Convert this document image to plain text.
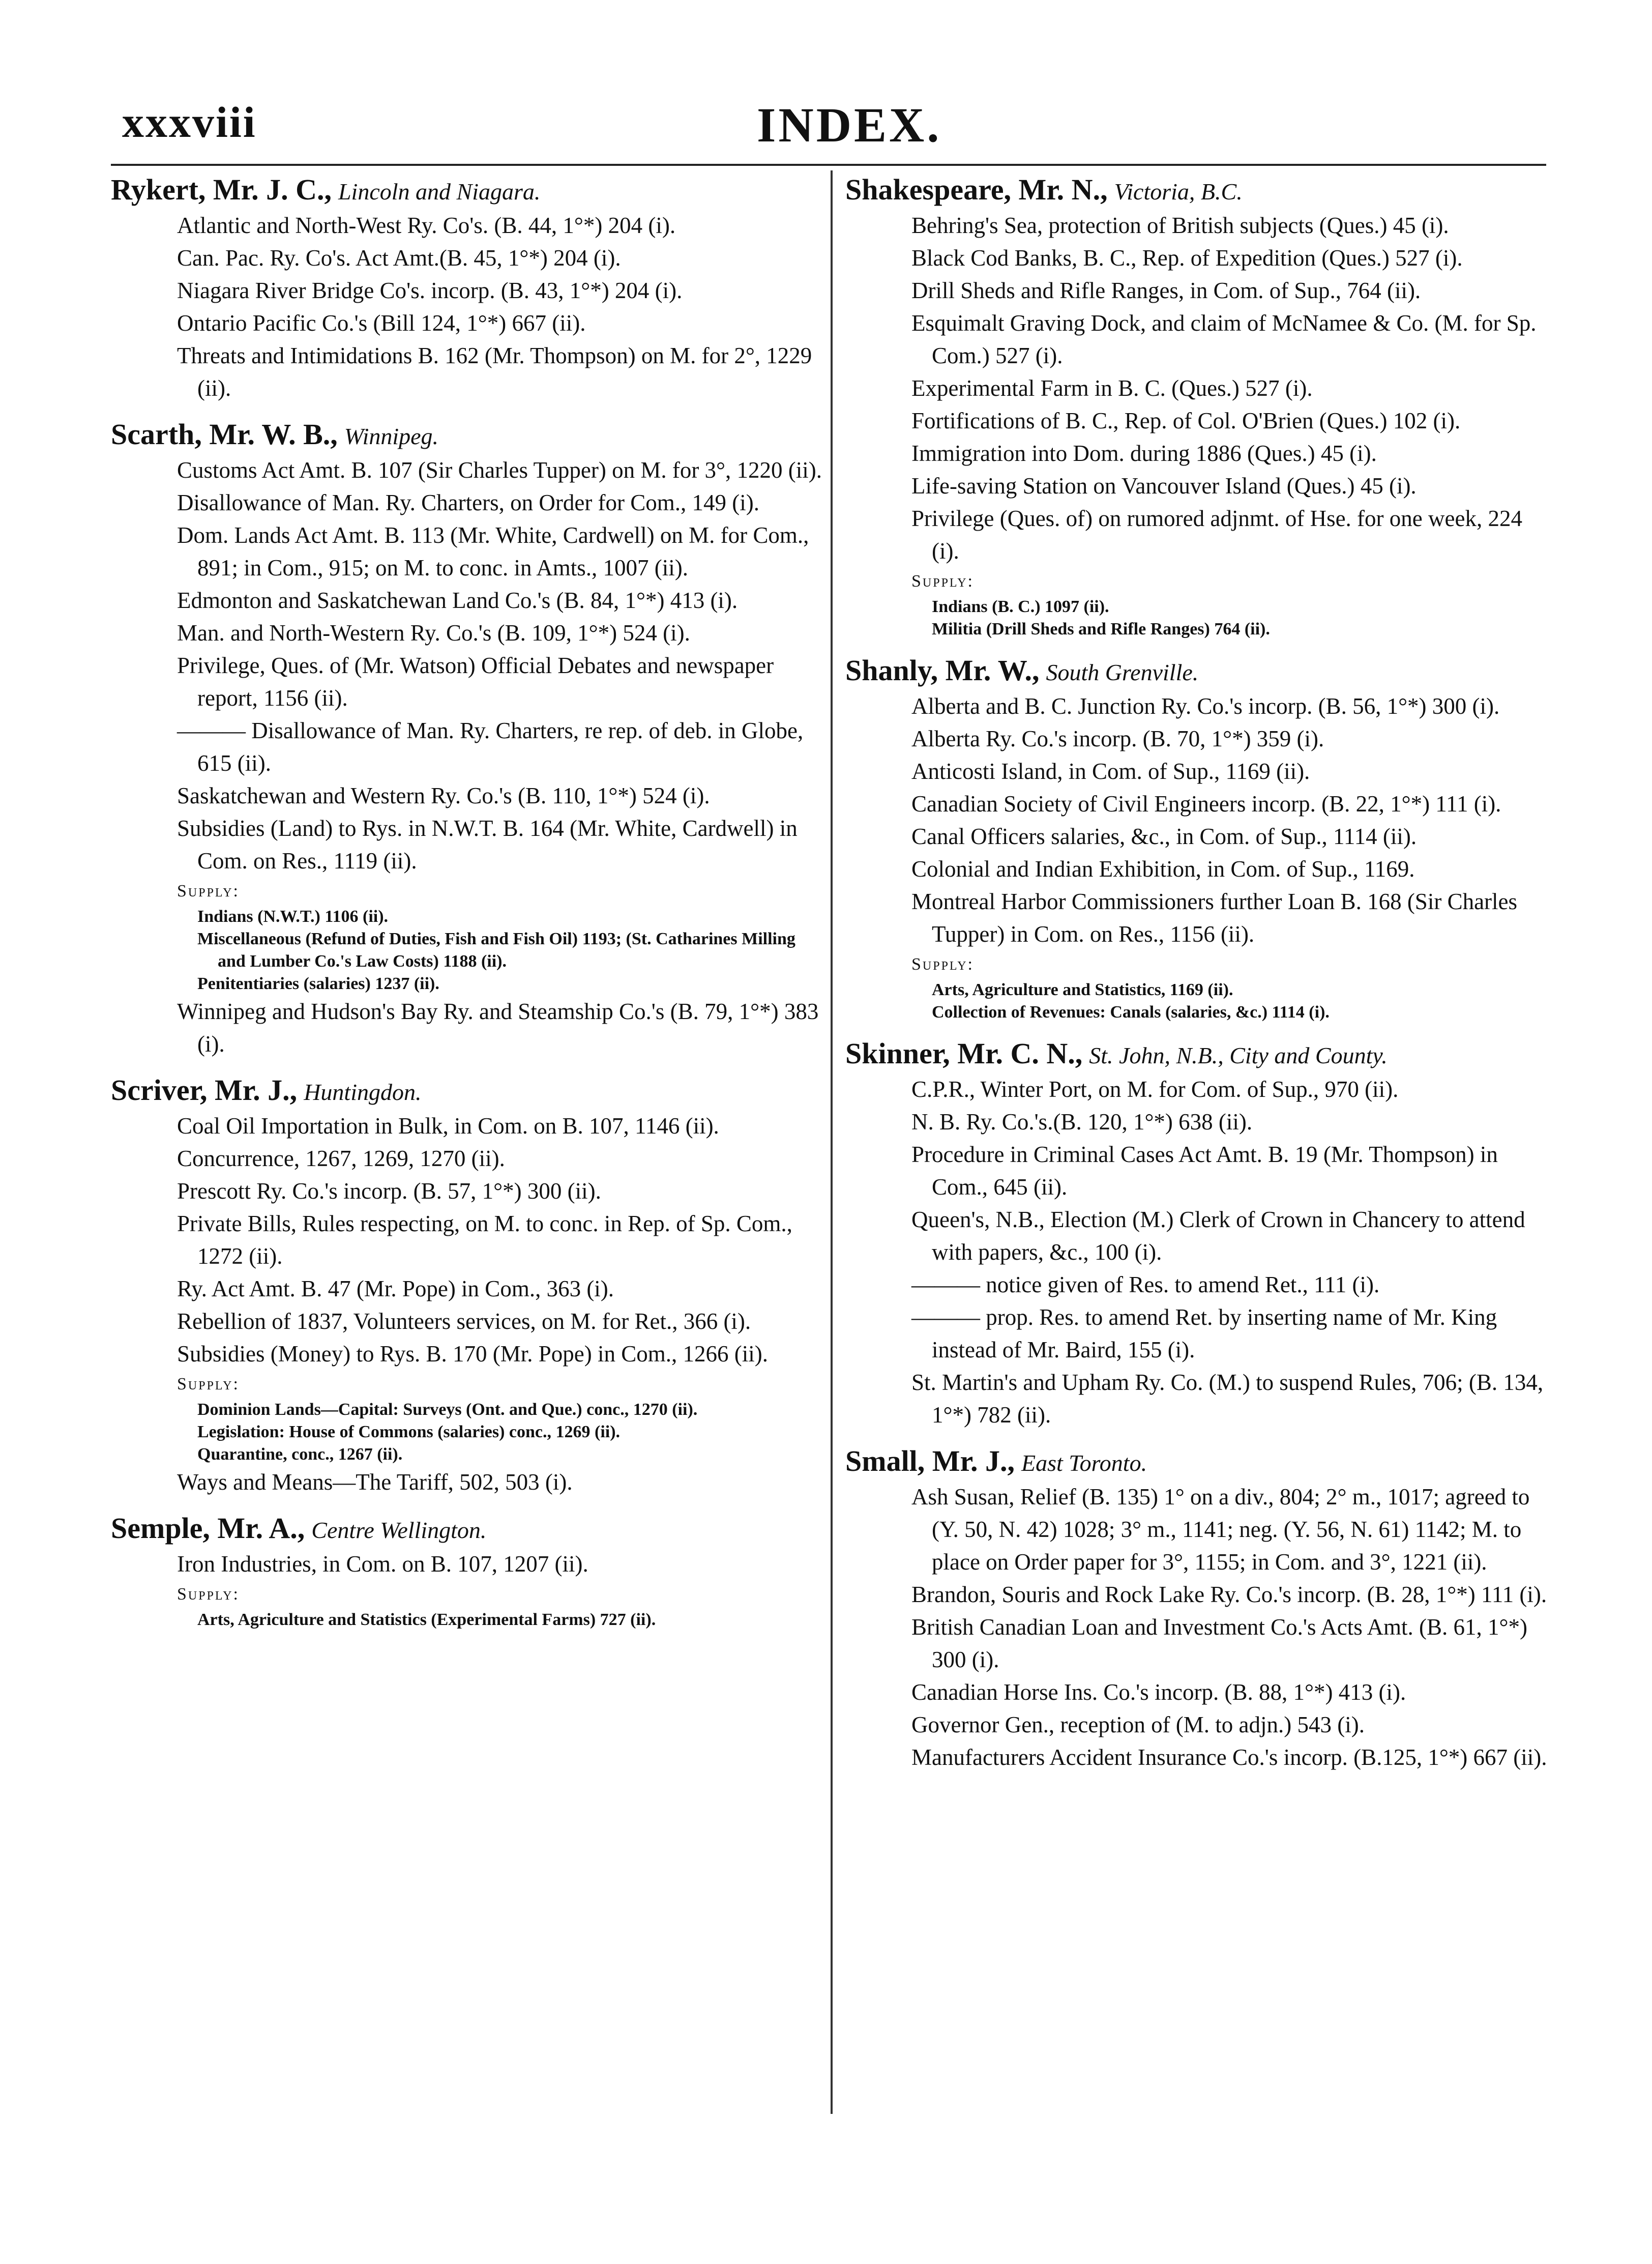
xxxviii	INDEX.
Rykert, Mr. J. C., Lincoln and Niagara.
Atlantic and North-West Ry. Co's. (B. 44, 1°*) 204 (i).
Can. Pac. Ry. Co's. Act Amt.(B. 45, 1°*) 204 (i).
Niagara River Bridge Co's. incorp. (B. 43, 1°*) 204 (i).
Ontario Pacific Co.'s (Bill 124, 1°*) 667 (ii).
Threats and Intimidations B. 162 (Mr. Thompson) on M. for 2°, 1229 (ii).
Scarth, Mr. W. B., Winnipeg.
Customs Act Amt. B. 107 (Sir Charles Tupper) on M. for 3°, 1220 (ii).
Disallowance of Man. Ry. Charters, on Order for Com., 149 (i).
Dom. Lands Act Amt. B. 113 (Mr. White, Cardwell) on M. for Com., 891; in Com., 915; on M. to conc. in Amts., 1007 (ii).
Edmonton and Saskatchewan Land Co.'s (B. 84, 1°*) 413 (i).
Man. and North-Western Ry. Co.'s (B. 109, 1°*) 524 (i).
Privilege, Ques. of (Mr. Watson) Official Debates and newspaper report, 1156 (ii).
——— Disallowance of Man. Ry. Charters, re rep. of deb. in Globe, 615 (ii).
Saskatchewan and Western Ry. Co.'s (B. 110, 1°*) 524 (i).
Subsidies (Land) to Rys. in N.W.T. B. 164 (Mr. White, Cardwell) in Com. on Res., 1119 (ii).
Supply:
Indians (N.W.T.) 1106 (ii).
Miscellaneous (Refund of Duties, Fish and Fish Oil) 1193; (St. Catharines Milling and Lumber Co.'s Law Costs) 1188 (ii).
Penitentiaries (salaries) 1237 (ii).
Winnipeg and Hudson's Bay Ry. and Steamship Co.'s (B. 79, 1°*) 383 (i).
Scriver, Mr. J., Huntingdon.
Coal Oil Importation in Bulk, in Com. on B. 107, 1146 (ii).
Concurrence, 1267, 1269, 1270 (ii).
Prescott Ry. Co.'s incorp. (B. 57, 1°*) 300 (ii).
Private Bills, Rules respecting, on M. to conc. in Rep. of Sp. Com., 1272 (ii).
Ry. Act Amt. B. 47 (Mr. Pope) in Com., 363 (i).
Rebellion of 1837, Volunteers services, on M. for Ret., 366 (i).
Subsidies (Money) to Rys. B. 170 (Mr. Pope) in Com., 1266 (ii).
Supply:
Dominion Lands—Capital: Surveys (Ont. and Que.) conc., 1270 (ii).
Legislation: House of Commons (salaries) conc., 1269 (ii).
Quarantine, conc., 1267 (ii).
Ways and Means—The Tariff, 502, 503 (i).
Semple, Mr. A., Centre Wellington.
Iron Industries, in Com. on B. 107, 1207 (ii).
Supply:
Arts, Agriculture and Statistics (Experimental Farms) 727 (ii).
Shakespeare, Mr. N., Victoria, B.C.
Behring's Sea, protection of British subjects (Ques.) 45 (i).
Black Cod Banks, B. C., Rep. of Expedition (Ques.) 527 (i).
Drill Sheds and Rifle Ranges, in Com. of Sup., 764 (ii).
Esquimalt Graving Dock, and claim of McNamee & Co. (M. for Sp. Com.) 527 (i).
Experimental Farm in B. C. (Ques.) 527 (i).
Fortifications of B. C., Rep. of Col. O'Brien (Ques.) 102 (i).
Immigration into Dom. during 1886 (Ques.) 45 (i).
Life-saving Station on Vancouver Island (Ques.) 45 (i).
Privilege (Ques. of) on rumored adjnmt. of Hse. for one week, 224 (i).
Supply:
Indians (B. C.) 1097 (ii).
Militia (Drill Sheds and Rifle Ranges) 764 (ii).
Shanly, Mr. W., South Grenville.
Alberta and B. C. Junction Ry. Co.'s incorp. (B. 56, 1°*) 300 (i).
Alberta Ry. Co.'s incorp. (B. 70, 1°*) 359 (i).
Anticosti Island, in Com. of Sup., 1169 (ii).
Canadian Society of Civil Engineers incorp. (B. 22, 1°*) 111 (i).
Canal Officers salaries, &c., in Com. of Sup., 1114 (ii).
Colonial and Indian Exhibition, in Com. of Sup., 1169.
Montreal Harbor Commissioners further Loan B. 168 (Sir Charles Tupper) in Com. on Res., 1156 (ii).
Supply:
Arts, Agriculture and Statistics, 1169 (ii).
Collection of Revenues: Canals (salaries, &c.) 1114 (i).
Skinner, Mr. C. N., St. John, N.B., City and County.
C.P.R., Winter Port, on M. for Com. of Sup., 970 (ii).
N. B. Ry. Co.'s.(B. 120, 1°*) 638 (ii).
Procedure in Criminal Cases Act Amt. B. 19 (Mr. Thompson) in Com., 645 (ii).
Queen's, N.B., Election (M.) Clerk of Crown in Chancery to attend with papers, &c., 100 (i).
——— notice given of Res. to amend Ret., 111 (i).
——— prop. Res. to amend Ret. by inserting name of Mr. King instead of Mr. Baird, 155 (i).
St. Martin's and Upham Ry. Co. (M.) to suspend Rules, 706; (B. 134, 1°*) 782 (ii).
Small, Mr. J., East Toronto.
Ash Susan, Relief (B. 135) 1° on a div., 804; 2° m., 1017; agreed to (Y. 50, N. 42) 1028; 3° m., 1141; neg. (Y. 56, N. 61) 1142; M. to place on Order paper for 3°, 1155; in Com. and 3°, 1221 (ii).
Brandon, Souris and Rock Lake Ry. Co.'s incorp. (B. 28, 1°*) 111 (i).
British Canadian Loan and Investment Co.'s Acts Amt. (B. 61, 1°*) 300 (i).
Canadian Horse Ins. Co.'s incorp. (B. 88, 1°*) 413 (i).
Governor Gen., reception of (M. to adjn.) 543 (i).
Manufacturers Accident Insurance Co.'s incorp. (B.125, 1°*) 667 (ii).
